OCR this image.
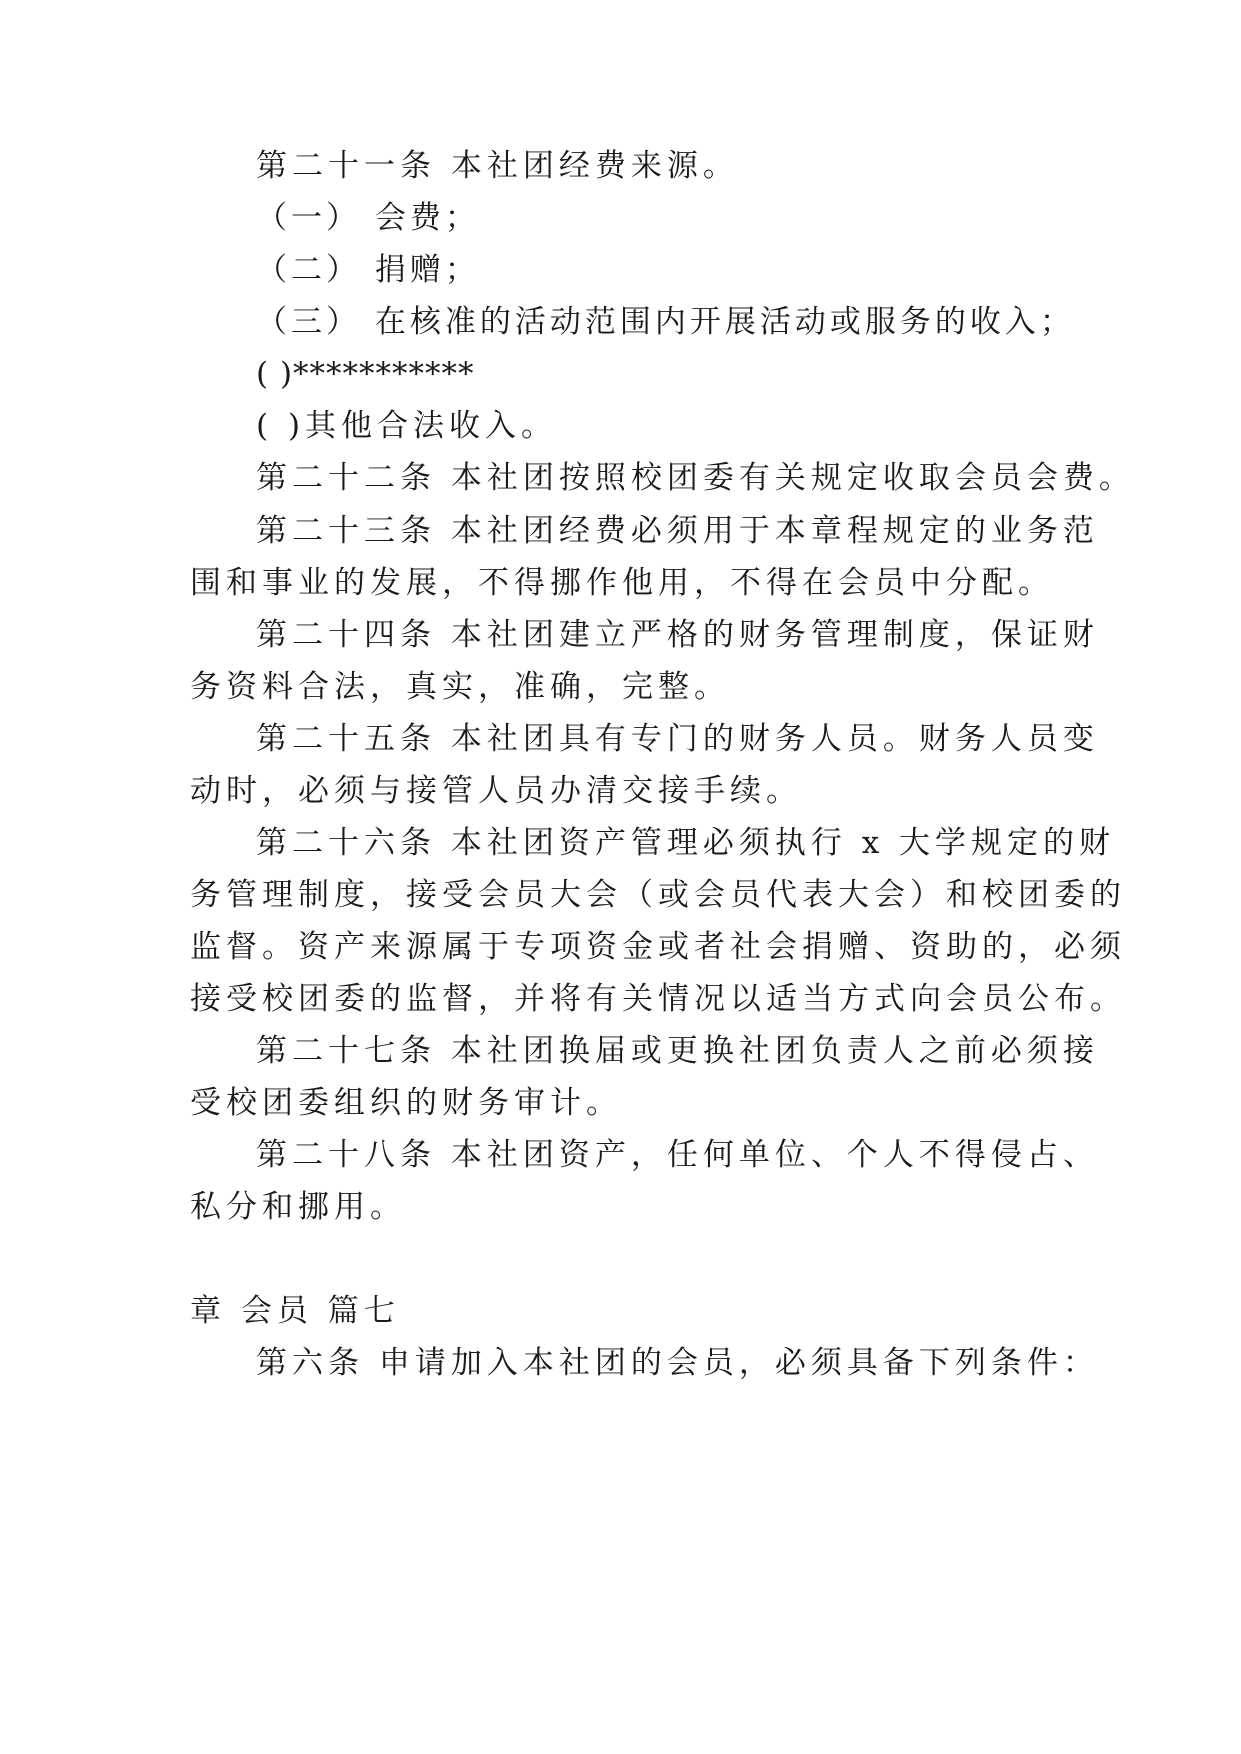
第二十一条 本社团经费来源。
（一） 会费；
（二） 捐赠；
（三） 在核准的活动范围内开展活动或服务的收入；
( )***********
( )其他合法收入。
第二十二条 本社团按照校团委有关规定收取会员会费。
第二十三条 本社团经费必须用于本章程规定的业务范
围和事业的发展，不得挪作他用，不得在会员中分配。
第二十四条 本社团建立严格的财务管理制度，保证财
务资料合法，真实，准确，完整。
第二十五条 本社团具有专门的财务人员。财务人员变
动时，必须与接管人员办清交接手续。
第二十六条 本社团资产管理必须执行 x 大学规定的财
务管理制度，接受会员大会（或会员代表大会）和校团委的
监督。资产来源属于专项资金或者社会捐赠、资助的，必须
接受校团委的监督，并将有关情况以适当方式向会员公布。
第二十七条 本社团换届或更换社团负责人之前必须接
受校团委组织的财务审计。
第二十八条 本社团资产，任何单位、个人不得侵占、
私分和挪用。
章 会员 篇七
第六条 申请加入本社团的会员，必须具备下列条件：
